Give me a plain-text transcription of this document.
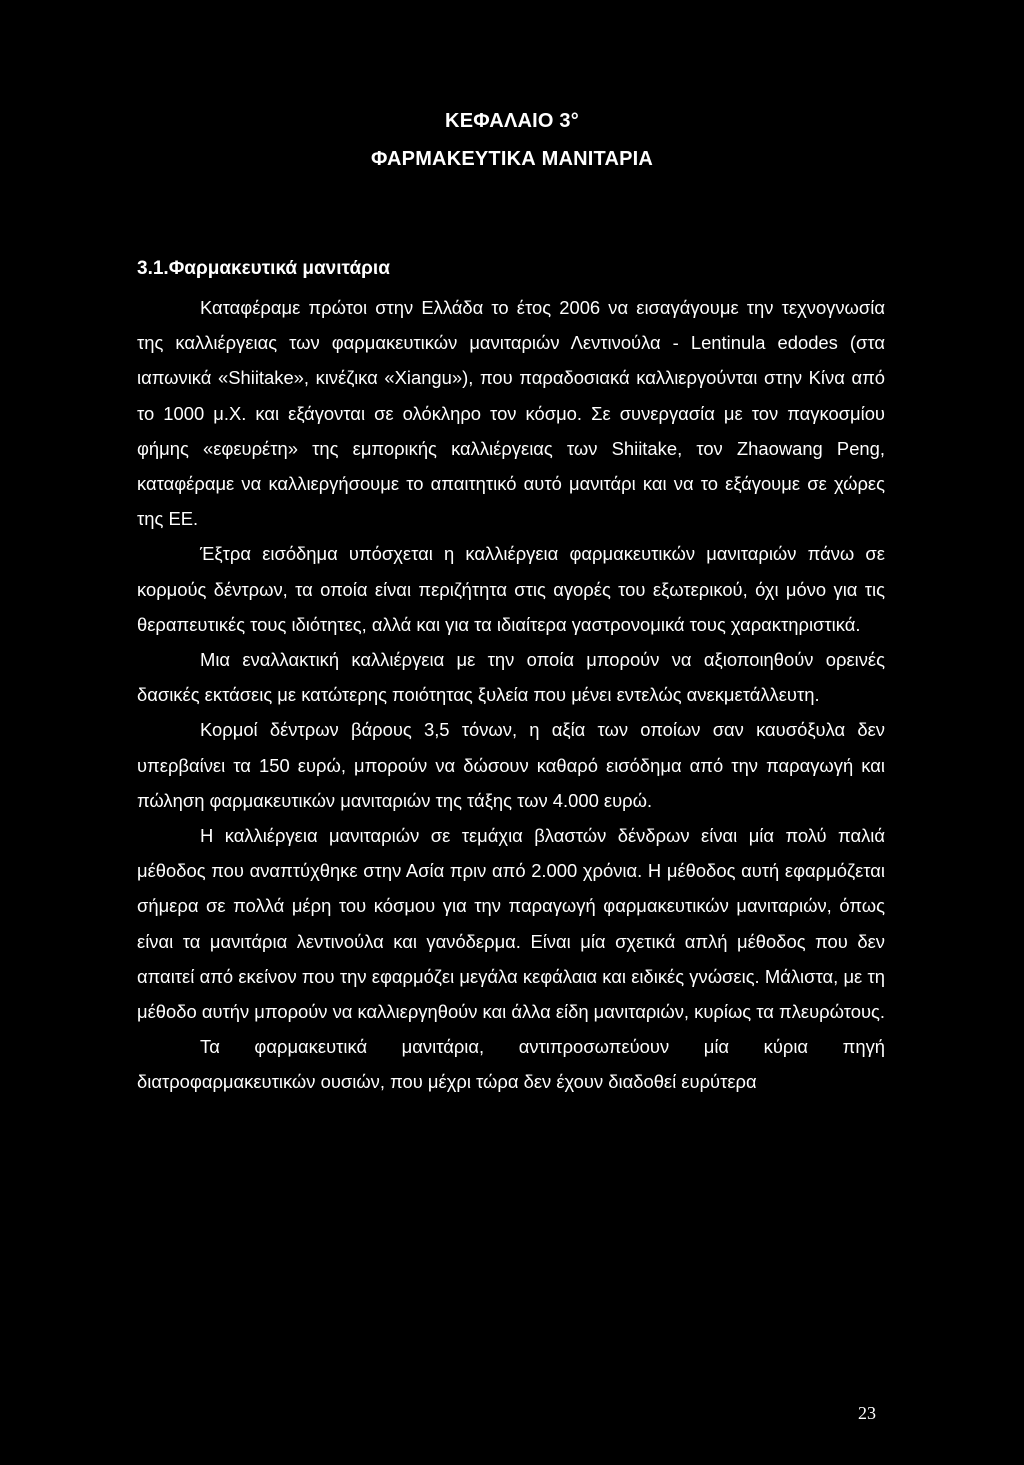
ΚΕΦΑΛΑΙΟ 3°
ΦΑΡΜΑΚΕΥΤΙΚΑ ΜΑΝΙΤΑΡΙΑ
3.1.Φαρμακευτικά μανιτάρια

Καταφέραμε πρώτοι στην Ελλάδα το έτος 2006 να εισαγάγουμε την τεχνογνωσία της καλλιέργειας των φαρμακευτικών μανιταριών Λεντινούλα - Lentinula edodes (στα ιαπωνικά «Shiitake», κινέζικα «Xiangu»), που παραδοσιακά καλλιεργούνται στην Κίνα από το 1000 μ.Χ. και εξάγονται σε ολόκληρο τον κόσμο. Σε συνεργασία με τον παγκοσμίου φήμης «εφευρέτη» της εμπορικής καλλιέργειας των Shiitake, τον Zhaowang Peng, καταφέραμε να καλλιεργήσουμε το απαιτητικό αυτό μανιτάρι και να το εξάγουμε σε χώρες της ΕΕ.

Έξτρα εισόδημα υπόσχεται η καλλιέργεια φαρμακευτικών μανιταριών πάνω σε κορμούς δέντρων, τα οποία είναι περιζήτητα στις αγορές του εξωτερικού, όχι μόνο για τις θεραπευτικές τους ιδιότητες, αλλά και για τα ιδιαίτερα γαστρονομικά τους χαρακτηριστικά.

Μια εναλλακτική καλλιέργεια με την οποία μπορούν να αξιοποιηθούν ορεινές δασικές εκτάσεις με κατώτερης ποιότητας ξυλεία που μένει εντελώς ανεκμετάλλευτη.

Κορμοί δέντρων βάρους 3,5 τόνων, η αξία των οποίων σαν καυσόξυλα δεν υπερβαίνει τα 150 ευρώ, μπορούν να δώσουν καθαρό εισόδημα από την παραγωγή και πώληση φαρμακευτικών μανιταριών της τάξης των 4.000 ευρώ.

Η καλλιέργεια μανιταριών σε τεμάχια βλαστών δένδρων είναι μία πολύ παλιά μέθοδος που αναπτύχθηκε στην Ασία πριν από 2.000 χρόνια. Η μέθοδος αυτή εφαρμόζεται σήμερα σε πολλά μέρη του κόσμου για την παραγωγή φαρμακευτικών μανιταριών, όπως είναι τα μανιτάρια λεντινούλα και γανόδερμα. Είναι μία σχετικά απλή μέθοδος που δεν απαιτεί από εκείνον που την εφαρμόζει μεγάλα κεφάλαια και ειδικές γνώσεις. Μάλιστα, με τη μέθοδο αυτήν μπορούν να καλλιεργηθούν και άλλα είδη μανιταριών, κυρίως τα πλευρώτους.

Τα φαρμακευτικά μανιτάρια, αντιπροσωπεύουν μία κύρια πηγή διατροφαρμακευτικών ουσιών, που μέχρι τώρα δεν έχουν διαδοθεί ευρύτερα

23
